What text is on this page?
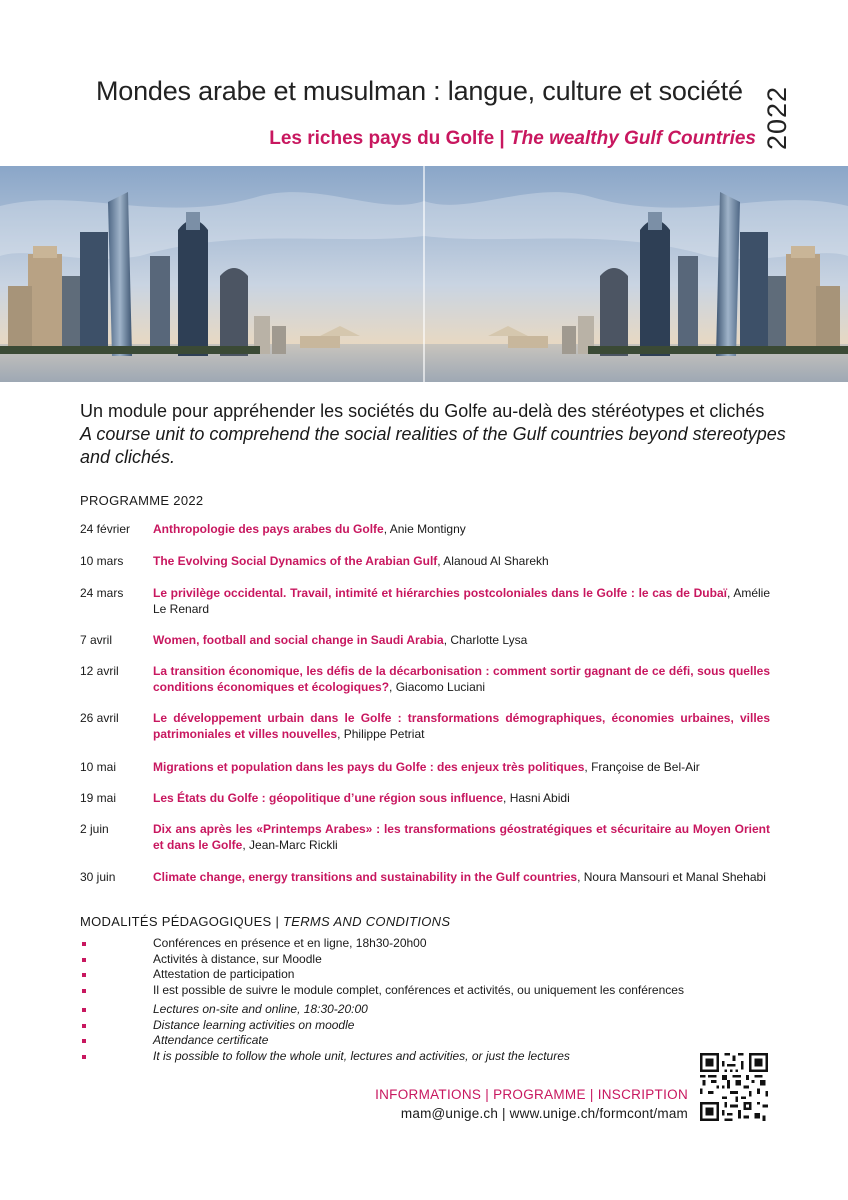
Mondes arabe et musulman : langue, culture et société
Les riches pays du Golfe | The wealthy Gulf Countries 2022
Un module pour appréhender les sociétés du Golfe au-delà des stéréotypes et clichés
A course unit to comprehend the social realities of the Gulf countries beyond stereotypes and clichés.
PROGRAMME 2022
24 février	Anthropologie des pays arabes du Golfe, Anie Montigny
10 mars	The Evolving Social Dynamics of the Arabian Gulf, Alanoud Al Sharekh
24 mars	Le privilège occidental. Travail, intimité et hiérarchies postcoloniales dans le Golfe : le cas de Dubaï, Amélie Le Renard
7 avril	Women, football and social change in Saudi Arabia, Charlotte Lysa
12 avril	La transition économique, les défis de la décarbonisation : comment sortir gagnant de ce défi, sous quelles conditions économiques et écologiques?, Giacomo Luciani
26 avril	Le développement urbain dans le Golfe : transformations démographiques, économies urbaines, villes patrimoniales et villes nouvelles, Philippe Petriat
10 mai	Migrations et population dans les pays du Golfe : des enjeux très politiques, Françoise de Bel-Air
19 mai	Les États du Golfe : géopolitique d’une région sous influence, Hasni Abidi
2 juin	Dix ans après les «Printemps Arabes» : les transformations géostratégiques et sécuritaire au Moyen Orient et dans le Golfe, Jean-Marc Rickli
30 juin	Climate change, energy transitions and sustainability in the Gulf countries, Noura Mansouri et Manal Shehabi
MODALITÉS PÉDAGOGIQUES | TERMS AND CONDITIONS
Conférences en présence et en ligne, 18h30-20h00
Activités à distance, sur Moodle
Attestation de participation
Il est possible de suivre le module complet, conférences et activités, ou uniquement les conférences
Lectures on-site and online, 18:30-20:00
Distance learning activities on moodle
Attendance certificate
It is possible to follow the whole unit, lectures and activities, or just the lectures
INFORMATIONS | PROGRAMME | INSCRIPTION
mam@unige.ch | www.unige.ch/formcont/mam
